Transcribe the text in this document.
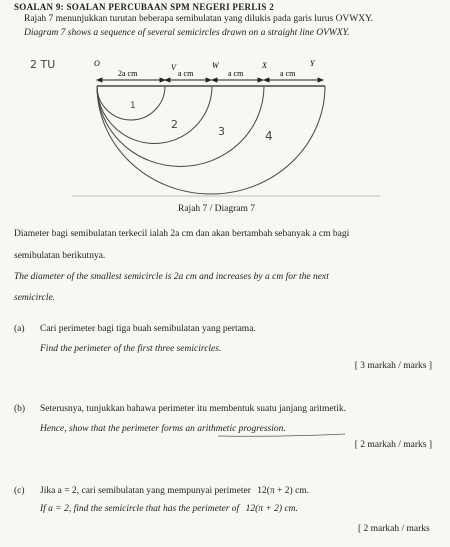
SOALAN 9: SOALAN PERCUBAAN SPM NEGERI PERLIS 2
Rajah 7 menunjukkan turutan beberapa semibulatan yang dilukis pada garis lurus OVWXY.
Diagram 7 shows a sequence of several semicircles drawn on a straight line OVWXY.
2 TU	O	V	W	X	Y
2a cm	a cm	a cm	a cm
1
2
3	4
Rajah 7 / Diagram 7
Diameter bagi semibulatan terkecil ialah 2a cm dan akan bertambah sebanyak a cm bagi
semibulatan berikutnya.
The diameter of the smallest semicircle is 2a cm and increases by a cm for the next
semicircle.
(a) Cari perimeter bagi tiga buah semibulatan yang pertama.
Find the perimeter of the first three semicircles.
[ 3 markah / marks ]
(b) Seterusnya, tunjukkan bahawa perimeter itu membentuk suatu janjang aritmetik.
Hence, show that the perimeter forms an arithmetic progression.
[ 2 markah / marks ]
(c) Jika a = 2, cari semibulatan yang mempunyai perimeter 12(π + 2) cm.
If a = 2, find the semicircle that has the perimeter of 12(π + 2) cm.
[ 2 markah / marks
